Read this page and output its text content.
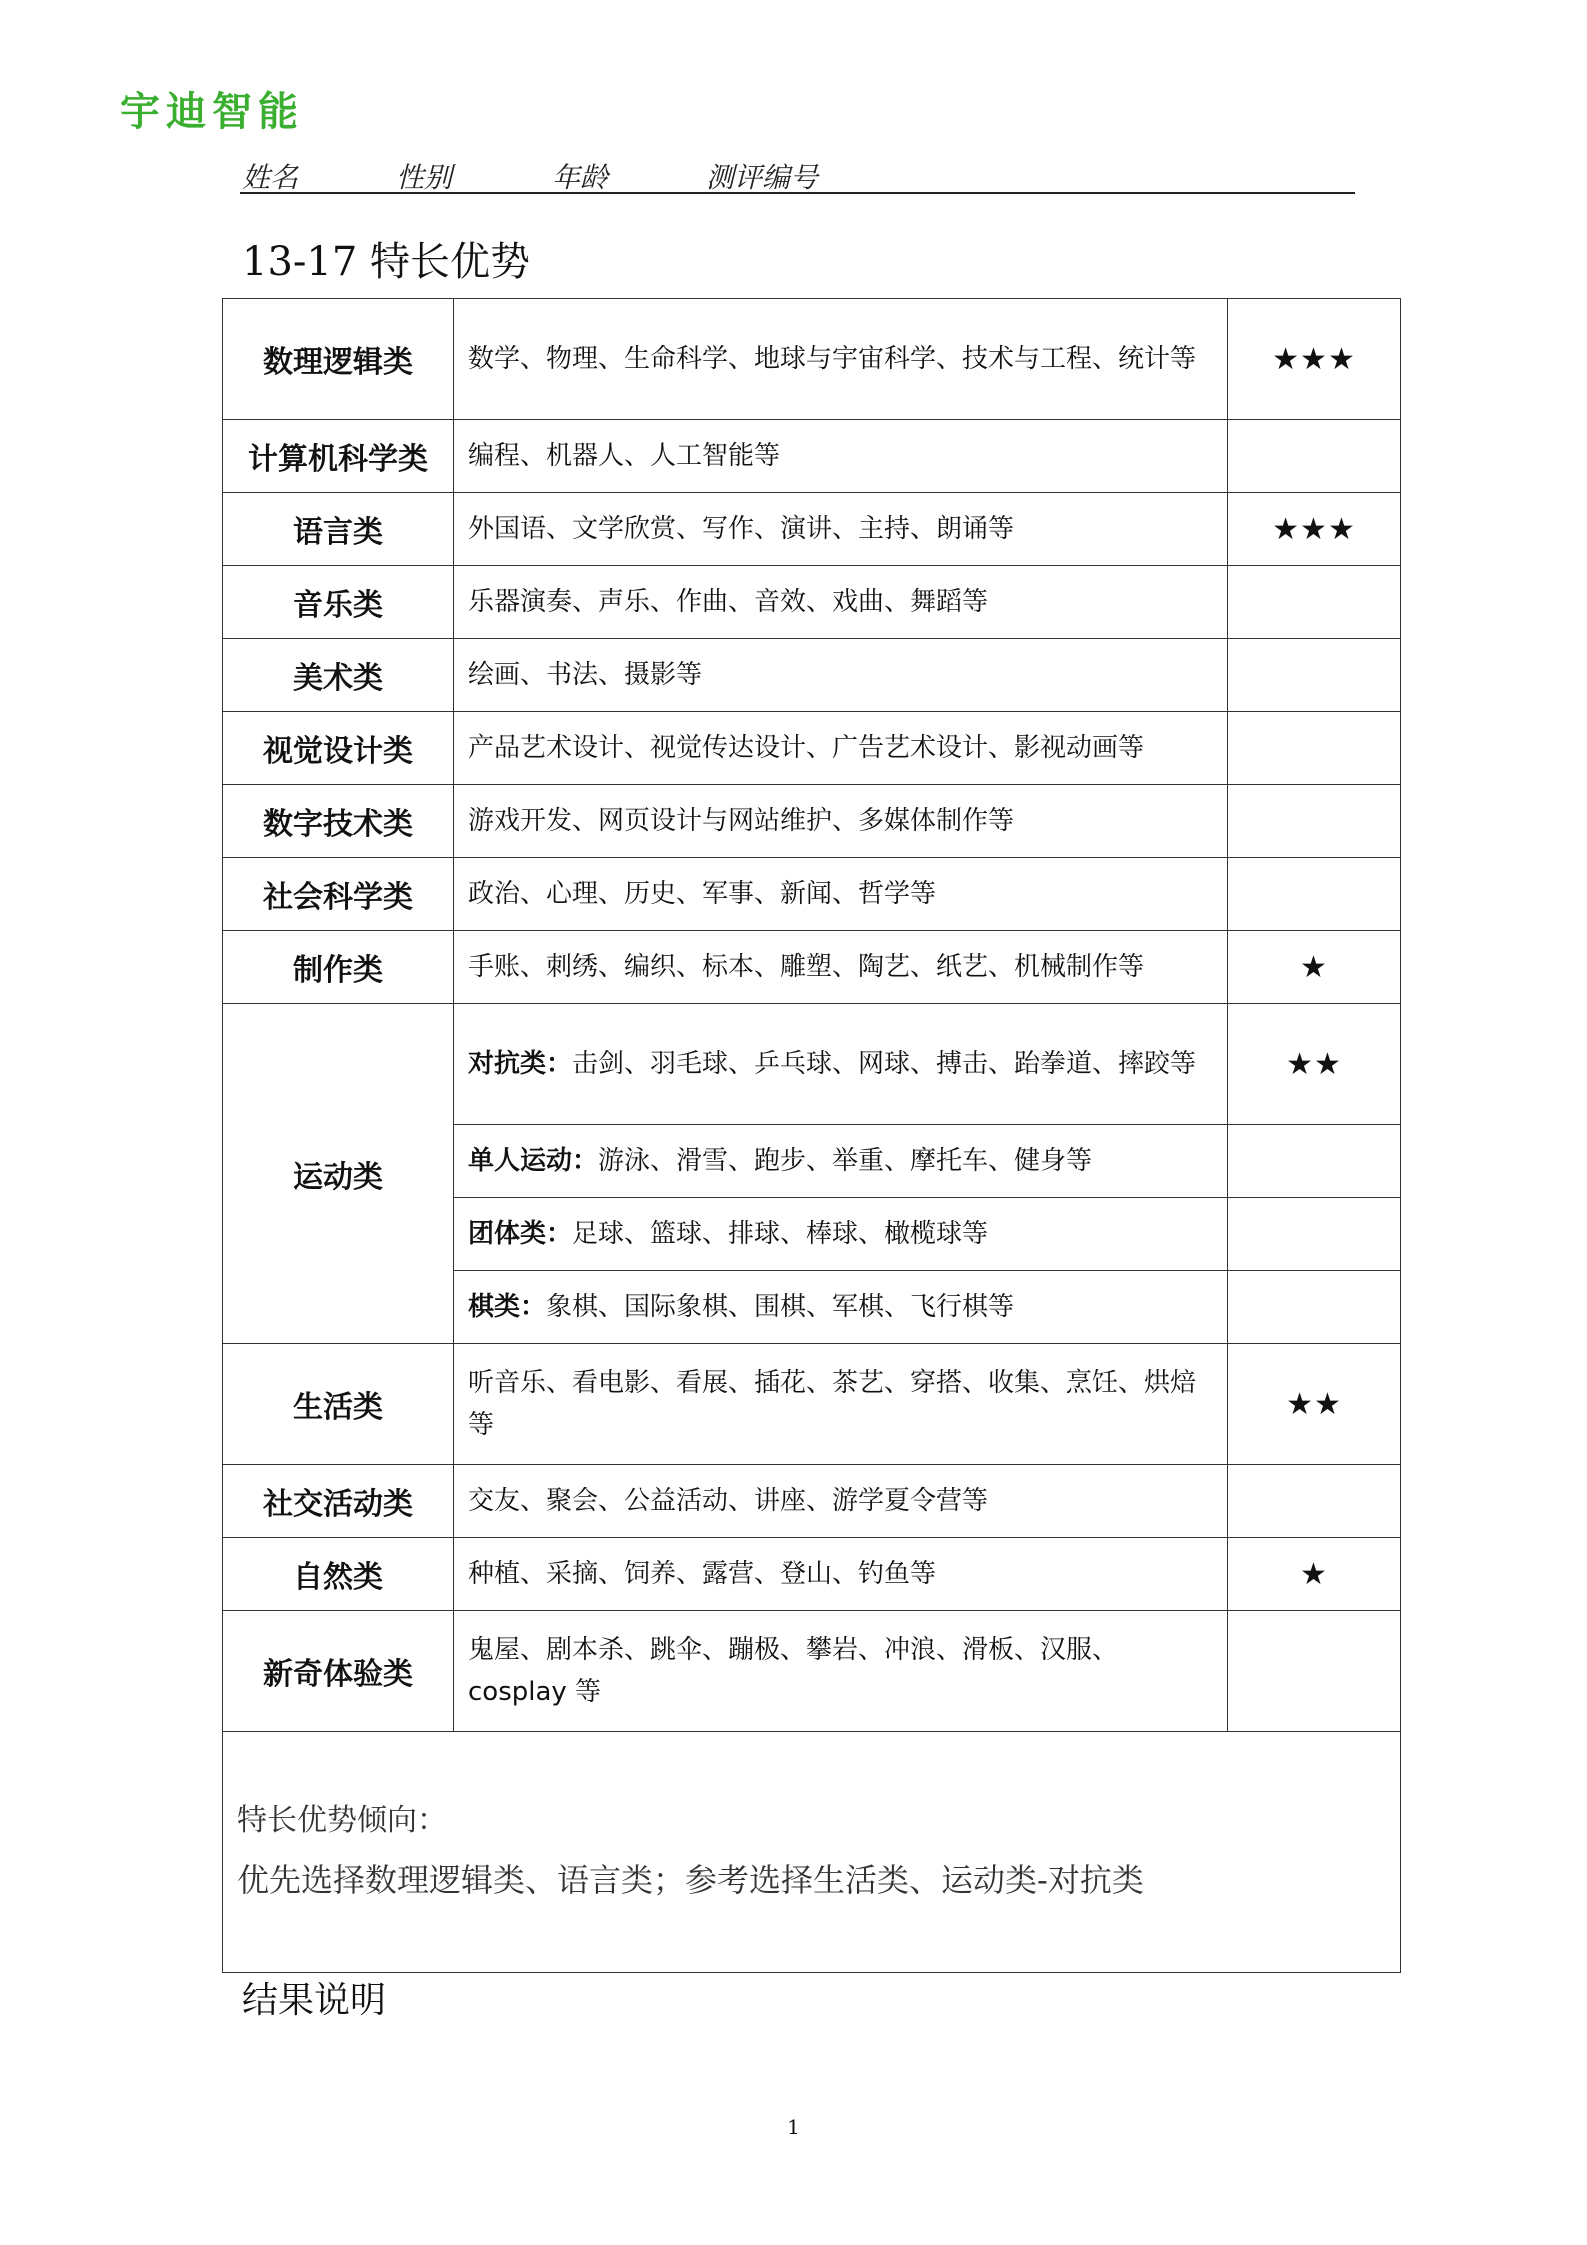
宇迪智能
姓名	性别	年龄	测评编号
13-17 特长优势
数理逻辑类	数学、物理、生命科学、地球与宇宙科学、技术与工程、统计等	★★★
计算机科学类	编程、机器人、人工智能等	
语言类	外国语、文学欣赏、写作、演讲、主持、朗诵等	★★★
音乐类	乐器演奏、声乐、作曲、音效、戏曲、舞蹈等	
美术类	绘画、书法、摄影等	
视觉设计类	产品艺术设计、视觉传达设计、广告艺术设计、影视动画等	
数字技术类	游戏开发、网页设计与网站维护、多媒体制作等	
社会科学类	政治、心理、历史、军事、新闻、哲学等	
制作类	手账、刺绣、编织、标本、雕塑、陶艺、纸艺、机械制作等	★
运动类	对抗类：击剑、羽毛球、乒乓球、网球、搏击、跆拳道、摔跤等	★★
	单人运动：游泳、滑雪、跑步、举重、摩托车、健身等	
	团体类：足球、篮球、排球、棒球、橄榄球等	
	棋类：象棋、国际象棋、围棋、军棋、飞行棋等	
生活类	听音乐、看电影、看展、插花、茶艺、穿搭、收集、烹饪、烘焙等	★★
社交活动类	交友、聚会、公益活动、讲座、游学夏令营等	
自然类	种植、采摘、饲养、露营、登山、钓鱼等	★
新奇体验类	鬼屋、剧本杀、跳伞、蹦极、攀岩、冲浪、滑板、汉服、cosplay 等	

特长优势倾向：
优先选择数理逻辑类、语言类；参考选择生活类、运动类-对抗类		
结果说明
1
